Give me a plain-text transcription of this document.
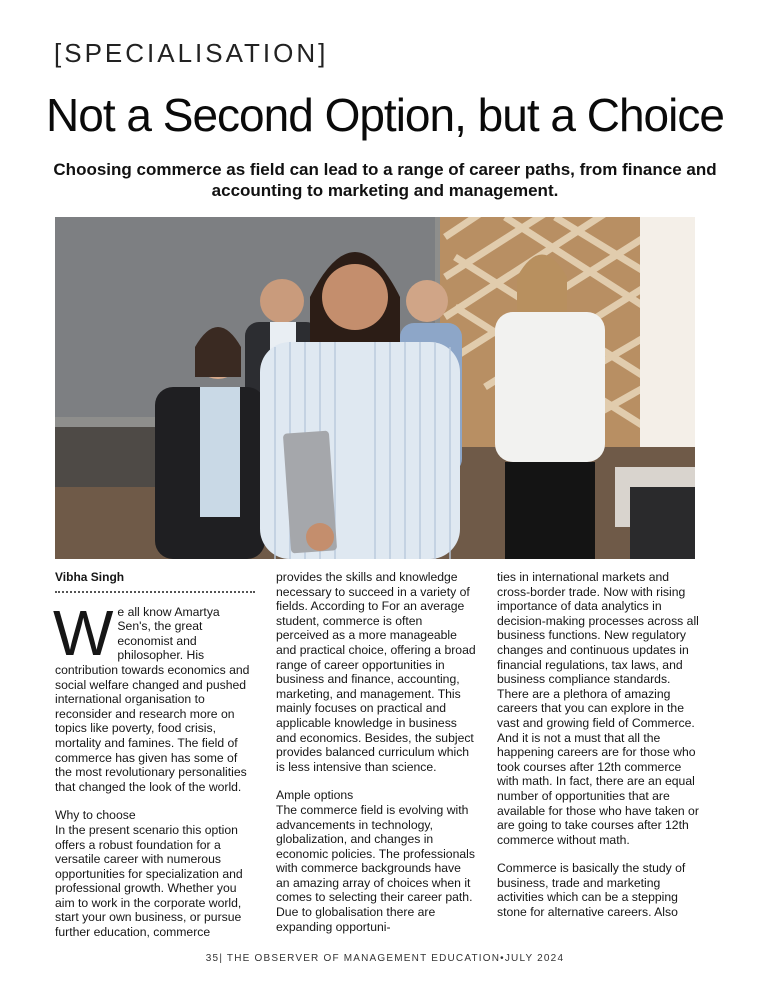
[SPECIALISATION]
Not a Second Option, but a Choice
Choosing commerce as field can lead to a range of career paths, from finance and accounting to marketing and management.

Vibha Singh

We all know Amartya Sen's, the great economist and philosopher. His contribution towards economics and social welfare changed and pushed international organisation to reconsider and research more on topics like poverty, food crisis, mortality and famines. The field of commerce has given has some of the most revolutionary personalities that changed the look of the world.

Why to choose

In the present scenario this option offers a robust foundation for a versatile career with numerous opportunities for specialization and professional growth. Whether you aim to work in the corporate world, start your own business, or pursue further education, commerce

provides the skills and knowledge necessary to succeed in a variety of fields. According to For an average student, commerce is often perceived as a more manageable and practical choice, offering a broad range of career opportunities in business and finance, accounting, marketing, and management. This mainly focuses on practical and applicable knowledge in business and economics. Besides, the subject provides balanced curriculum which is less intensive than science.

Ample options

The commerce field is evolving with advancements in technology, globalization, and changes in economic policies. The professionals with commerce backgrounds have an amazing array of choices when it comes to selecting their career path. Due to globalisation there are expanding opportuni-

ties in international markets and cross-border trade. Now with rising importance of data analytics in decision-making processes across all business functions. New regulatory changes and continuous updates in financial regulations, tax laws, and business compliance standards. There are a plethora of amazing careers that you can explore in the vast and growing field of Commerce. And it is not a must that all the happening careers are for those who took courses after 12th commerce with math. In fact, there are an equal number of opportunities that are available for those who have taken or are going to take courses after 12th commerce without math.

Commerce is basically the study of business, trade and marketing activities which can be a stepping stone for alternative careers. Also

35| THE OBSERVER OF MANAGEMENT EDUCATION•JULY 2024
